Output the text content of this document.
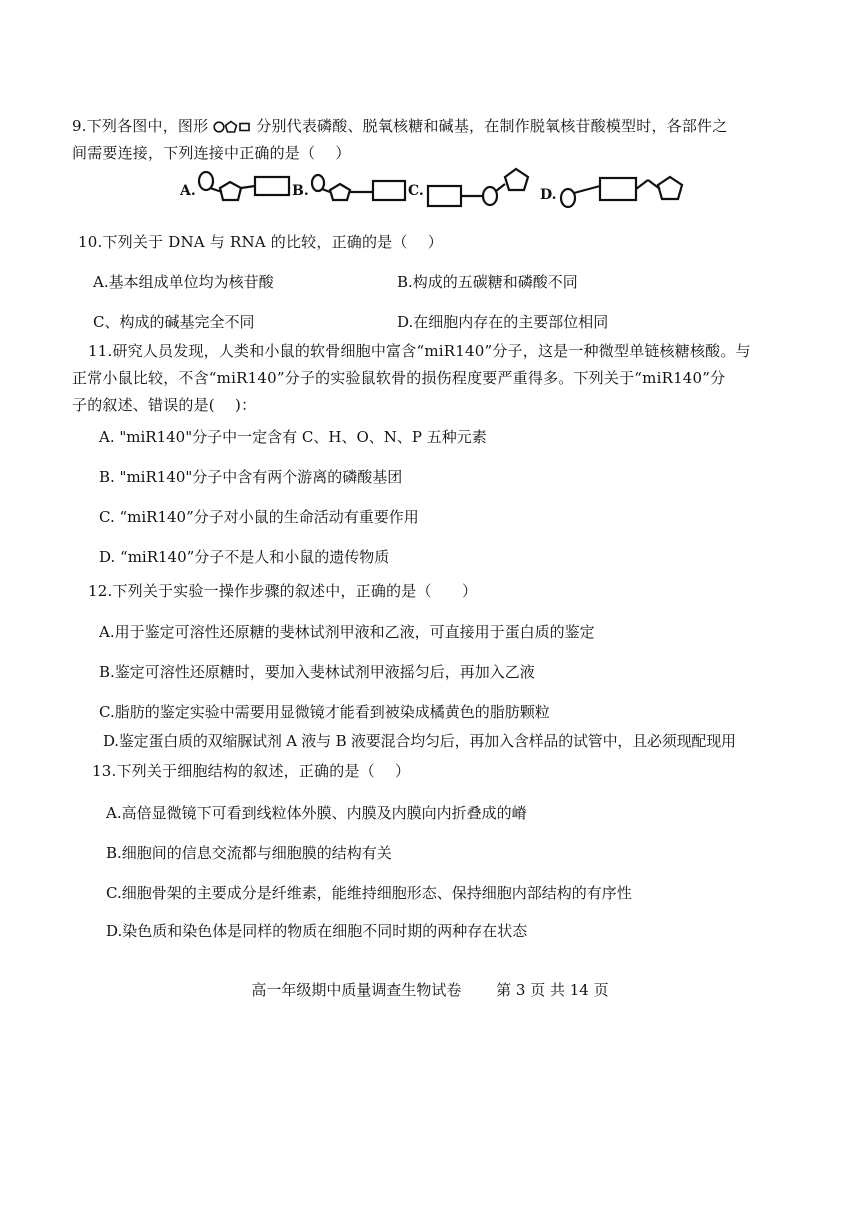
9.下列各图中，图形	分别代表磷酸、脱氧核糖和碱基，在制作脱氧核苷酸模型时，各部件之
间需要连接，下列连接中正确的是（　 ）
A.	B.	C.	D.
10.下列关于 DNA 与 RNA 的比较，正确的是（　 ）
A.基本组成单位均为核苷酸	B.构成的五碳糖和磷酸不同
C、构成的碱基完全不同	D.在细胞内存在的主要部位相同
11.研究人员发现，人类和小鼠的软骨细胞中富含“miR140”分子，这是一种微型单链核糖核酸。与
正常小鼠比较，不含“miR140”分子的实验鼠软骨的损伤程度要严重得多。下列关于“miR140”分
子的叙述、错误的是(　 )：
A. "miR140"分子中一定含有 C、H、O、N、P 五种元素
B. "miR140"分子中含有两个游离的磷酸基团
C. “miR140”分子对小鼠的生命活动有重要作用
D. “miR140”分子不是人和小鼠的遗传物质
12.下列关于实验一操作步骤的叙述中，正确的是（　　）
A.用于鉴定可溶性还原糖的斐林试剂甲液和乙液，可直接用于蛋白质的鉴定
B.鉴定可溶性还原糖时，要加入斐林试剂甲液摇匀后，再加入乙液
C.脂肪的鉴定实验中需要用显微镜才能看到被染成橘黄色的脂肪颗粒
D.鉴定蛋白质的双缩脲试剂 A 液与 B 液要混合均匀后，再加入含样品的试管中，且必须现配现用
13.下列关于细胞结构的叙述，正确的是（　 ）
A.高倍显微镜下可看到线粒体外膜、内膜及内膜向内折叠成的嵴
B.细胞间的信息交流都与细胞膜的结构有关
C.细胞骨架的主要成分是纤维素，能维持细胞形态、保持细胞内部结构的有序性
D.染色质和染色体是同样的物质在细胞不同时期的两种存在状态
高一年级期中质量调查生物试卷　　 第 3 页 共 14 页
